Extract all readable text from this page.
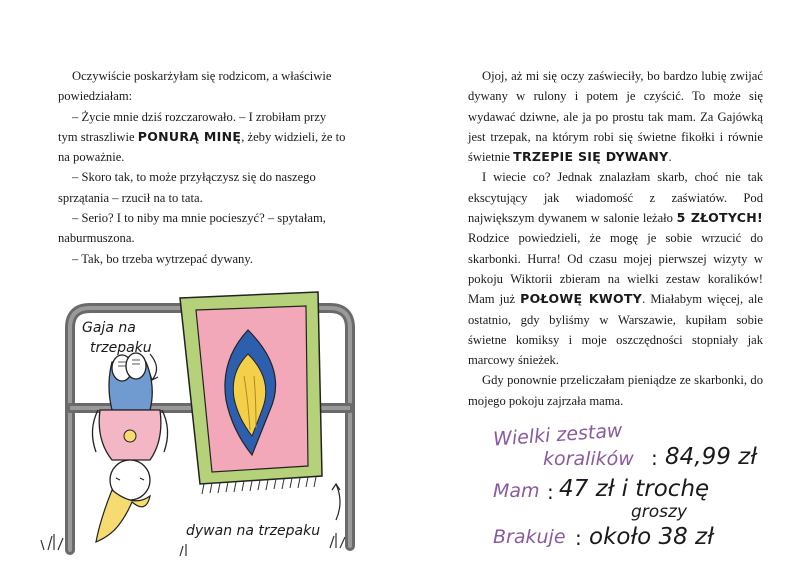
Oczywiście poskarżyłam się rodzicom, a właściwie powiedziałam:

– Życie mnie dziś rozczarowało. – I zrobiłam przy tym straszliwie PONURĄ MINĘ, żeby widzieli, że to na poważnie.

– Skoro tak, to może przyłączysz się do naszego sprzątania – rzucił na to tata.

– Serio? I to niby ma mnie pocieszyć? – spytałam, naburmuszona.

– Tak, bo trzeba wytrzepać dywany.

Gaja na
trzepaku
dywan na trzepaku

Ojoj, aż mi się oczy zaświeciły, bo bardzo lubię zwijać dywany w rulony i potem je czyścić. To może się wydawać dziwne, ale ja po prostu tak mam. Za Gajówką jest trzepak, na którym robi się świetne fikołki i równie świetnie TRZEPIE SIĘ DYWANY.

I wiecie co? Jednak znalazłam skarb, choć nie tak ekscytujący jak wiadomość z zaświatów. Pod największym dywanem w salonie leżało 5 ZŁOTYCH! Rodzice powiedzieli, że mogę je sobie wrzucić do skarbonki. Hurra! Od czasu mojej pierwszej wizyty w pokoju Wiktorii zbieram na wielki zestaw koralików! Mam już POŁOWĘ KWOTY. Miałabym więcej, ale ostatnio, gdy byliśmy w Warszawie, kupiłam sobie świetne komiksy i moje oszczędności stopniały jak marcowy śnieżek.

Gdy ponownie przeliczałam pieniądze ze skarbonki, do mojego pokoju zajrzała mama.

Wielki zestaw
koralików : 84,99 zł
Mam : 47 zł i trochę
groszy
Brakuje : około 38 zł
